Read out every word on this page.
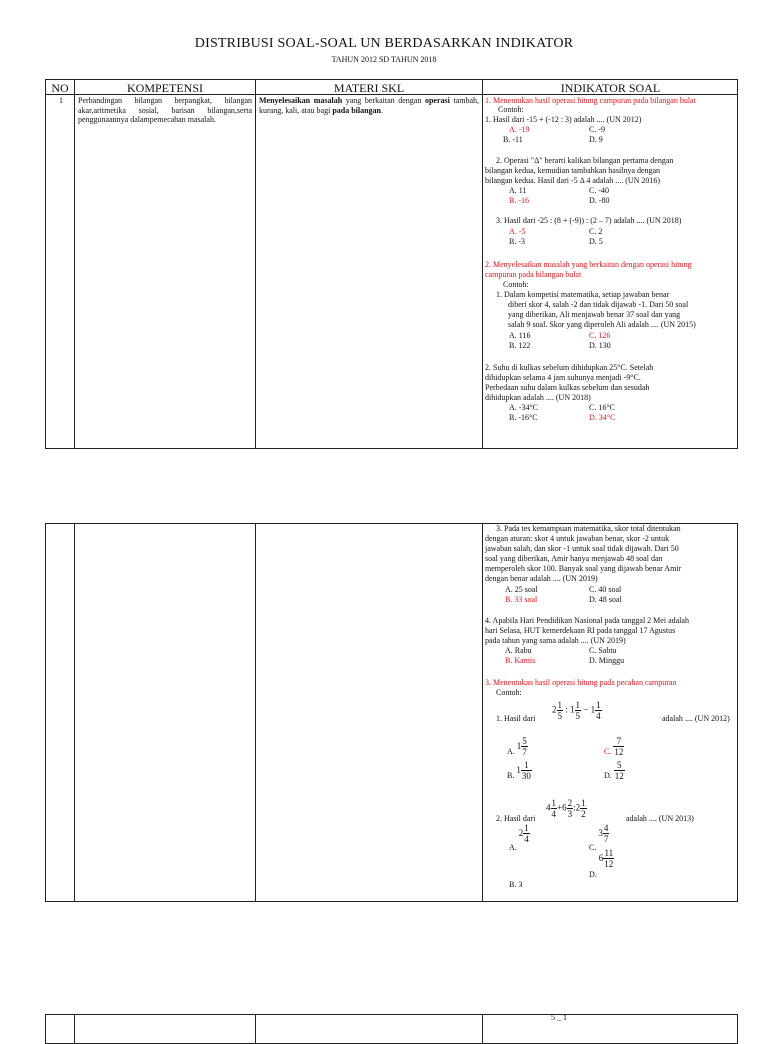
DISTRIBUSI SOAL-SOAL UN BERDASARKAN INDIKATOR
TAHUN 2012 SD TAHUN 2018
NO	KOMPETENSI	MATERI SKL	INDIKATOR SOAL
1 Perbandingan bilangan berpangkat, bilangan akar,aritmetika sosial, barisan bilangan,serta penggunaannya dalampemecahan masalah.
Menyelesaikan masalah yang berkaitan dengan operasi tambah, kurang, kali, atau bagi pada bilangan.
1. Menentukan hasil operasi hitung campuran pada bilangan bulat
Contoh:
1. Hasil dari -15 + (-12 : 3) adalah .... (UN 2012)
A. -19	C. -9
B. -11	D. 9
2. Operasi "Δ" berarti kalikan bilangan pertama dengan
bilangan kedua, kemudian tambahkan hasilnya dengan
bilangan kedua. Hasil dari -5 Δ 4 adalah .... (UN 2016)
A. 11	C. -40
B. -16	D. -80
3. Hasil dari -25 : (8 + (-9)) : (2 – 7) adalah .... (UN 2018)
A. -5	C. 2
B. -3	D. 5
2. Menyelesaikan masalah yang berkaitan dengan operasi hitung
campuran pada bilangan bulat
Contoh:
1. Dalam kompetisi matematika, setiap jawaban benar
diberi skor 4, salah -2 dan tidak dijawab -1. Dari 50 soal
yang diberikan, Ali menjawab benar 37 soal dan yang
salah 9 soal. Skor yang diperoleh Ali adalah .... (UN 2015)
A. 116	C. 126
B. 122	D. 130
2. Suhu di kulkas sebelum dihidupkan 25°C. Setelah
dihidupkan selama 4 jam suhunya menjadi -9°C.
Perbedaan suhu dalam kulkas sebelum dan sesudah
dihidupkan adalah .... (UN 2018)
A. -34°C	C. 16°C
B. -16°C	D. 34°C
3. Pada tes kemampuan matematika, skor total ditentukan
dengan aturan: skor 4 untuk jawaban benar, skor -2 untuk
jawaban salah, dan skor -1 untuk soal tidak dijawab. Dari 50
soal yang diberikan, Amir hanya menjawab 48 soal dan
memperoleh skor 100. Banyak soal yang dijawab benar Amir
dengan benar adalah .... (UN 2019)
A. 25 soal	C. 40 soal
B. 33 soal	D. 48 soal
4. Apabila Hari Pendidikan Nasional pada tanggal 2 Mei adalah
hari Selasa, HUT kemerdekaan RI pada tanggal 17 Agustus
pada tahun yang sama adalah .... (UN 2019)
A. Rabu	C. Sabtu
B. Kamis	D. Minggu
3. Menentukan hasil operasi hitung pada pecahan campuran
Contoh:
1. Hasil dari
$2 \frac{1}{5}$ : $1 \frac{1}{5} - 1 \frac{1}{4}$	adalah .... (UN 2012)
A. $1 \frac{5}{7}$	C. $\frac{7}{12}$
B. $1 \frac{1}{30}$	D. $\frac{5}{12}$
2. Hasil dari
$4 \frac{1}{4} +6 \frac{2}{3}$ :2 $\frac{1}{2}$	adalah .... (UN 2013)
A. $2 \frac{1}{4}$
C. $3 \frac{4}{7}$
D. $6 \frac{11}{12}$
B. 3
5 _ 1
